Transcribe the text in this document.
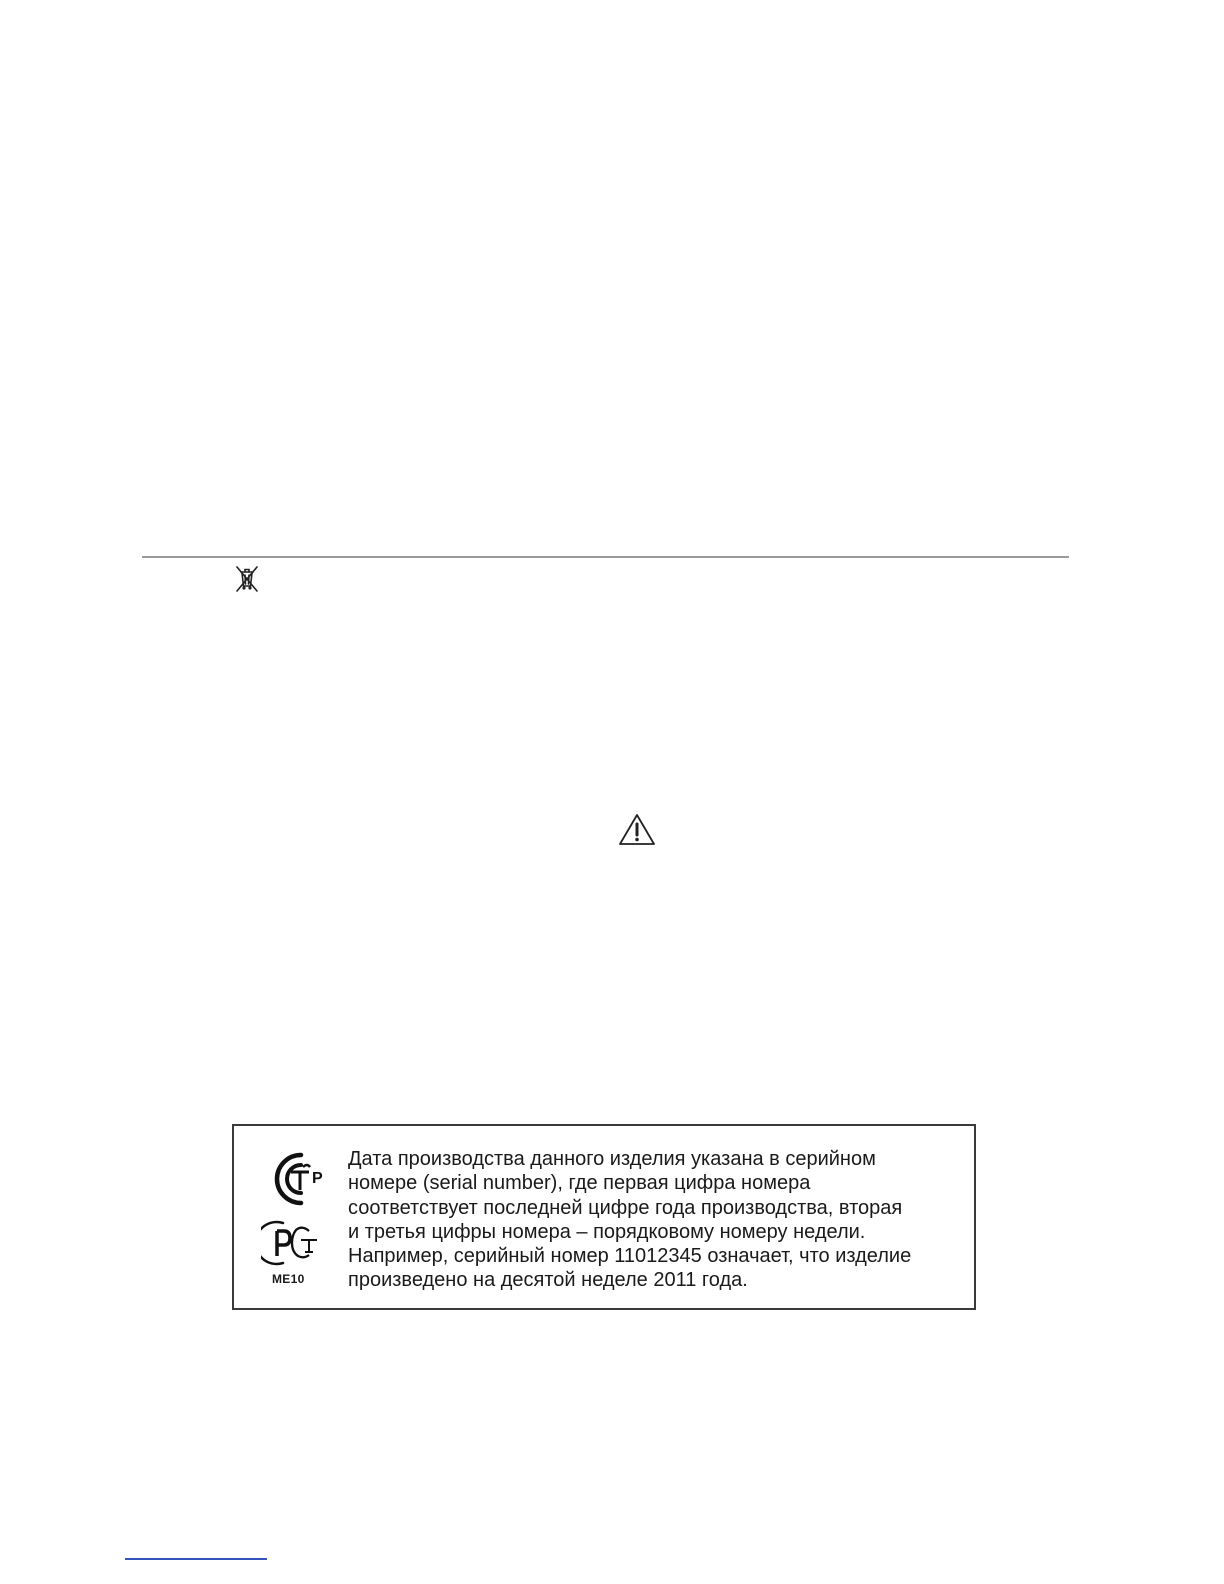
Р
ME10

Дата производства данного изделия указана в серийном
номере (serial number), где первая цифра номера
соответствует последней цифре года производства, вторая
и третья цифры номера – порядковому номеру недели.
Например, серийный номер 11012345 означает, что изделие
произведено на десятой неделе 2011 года.
